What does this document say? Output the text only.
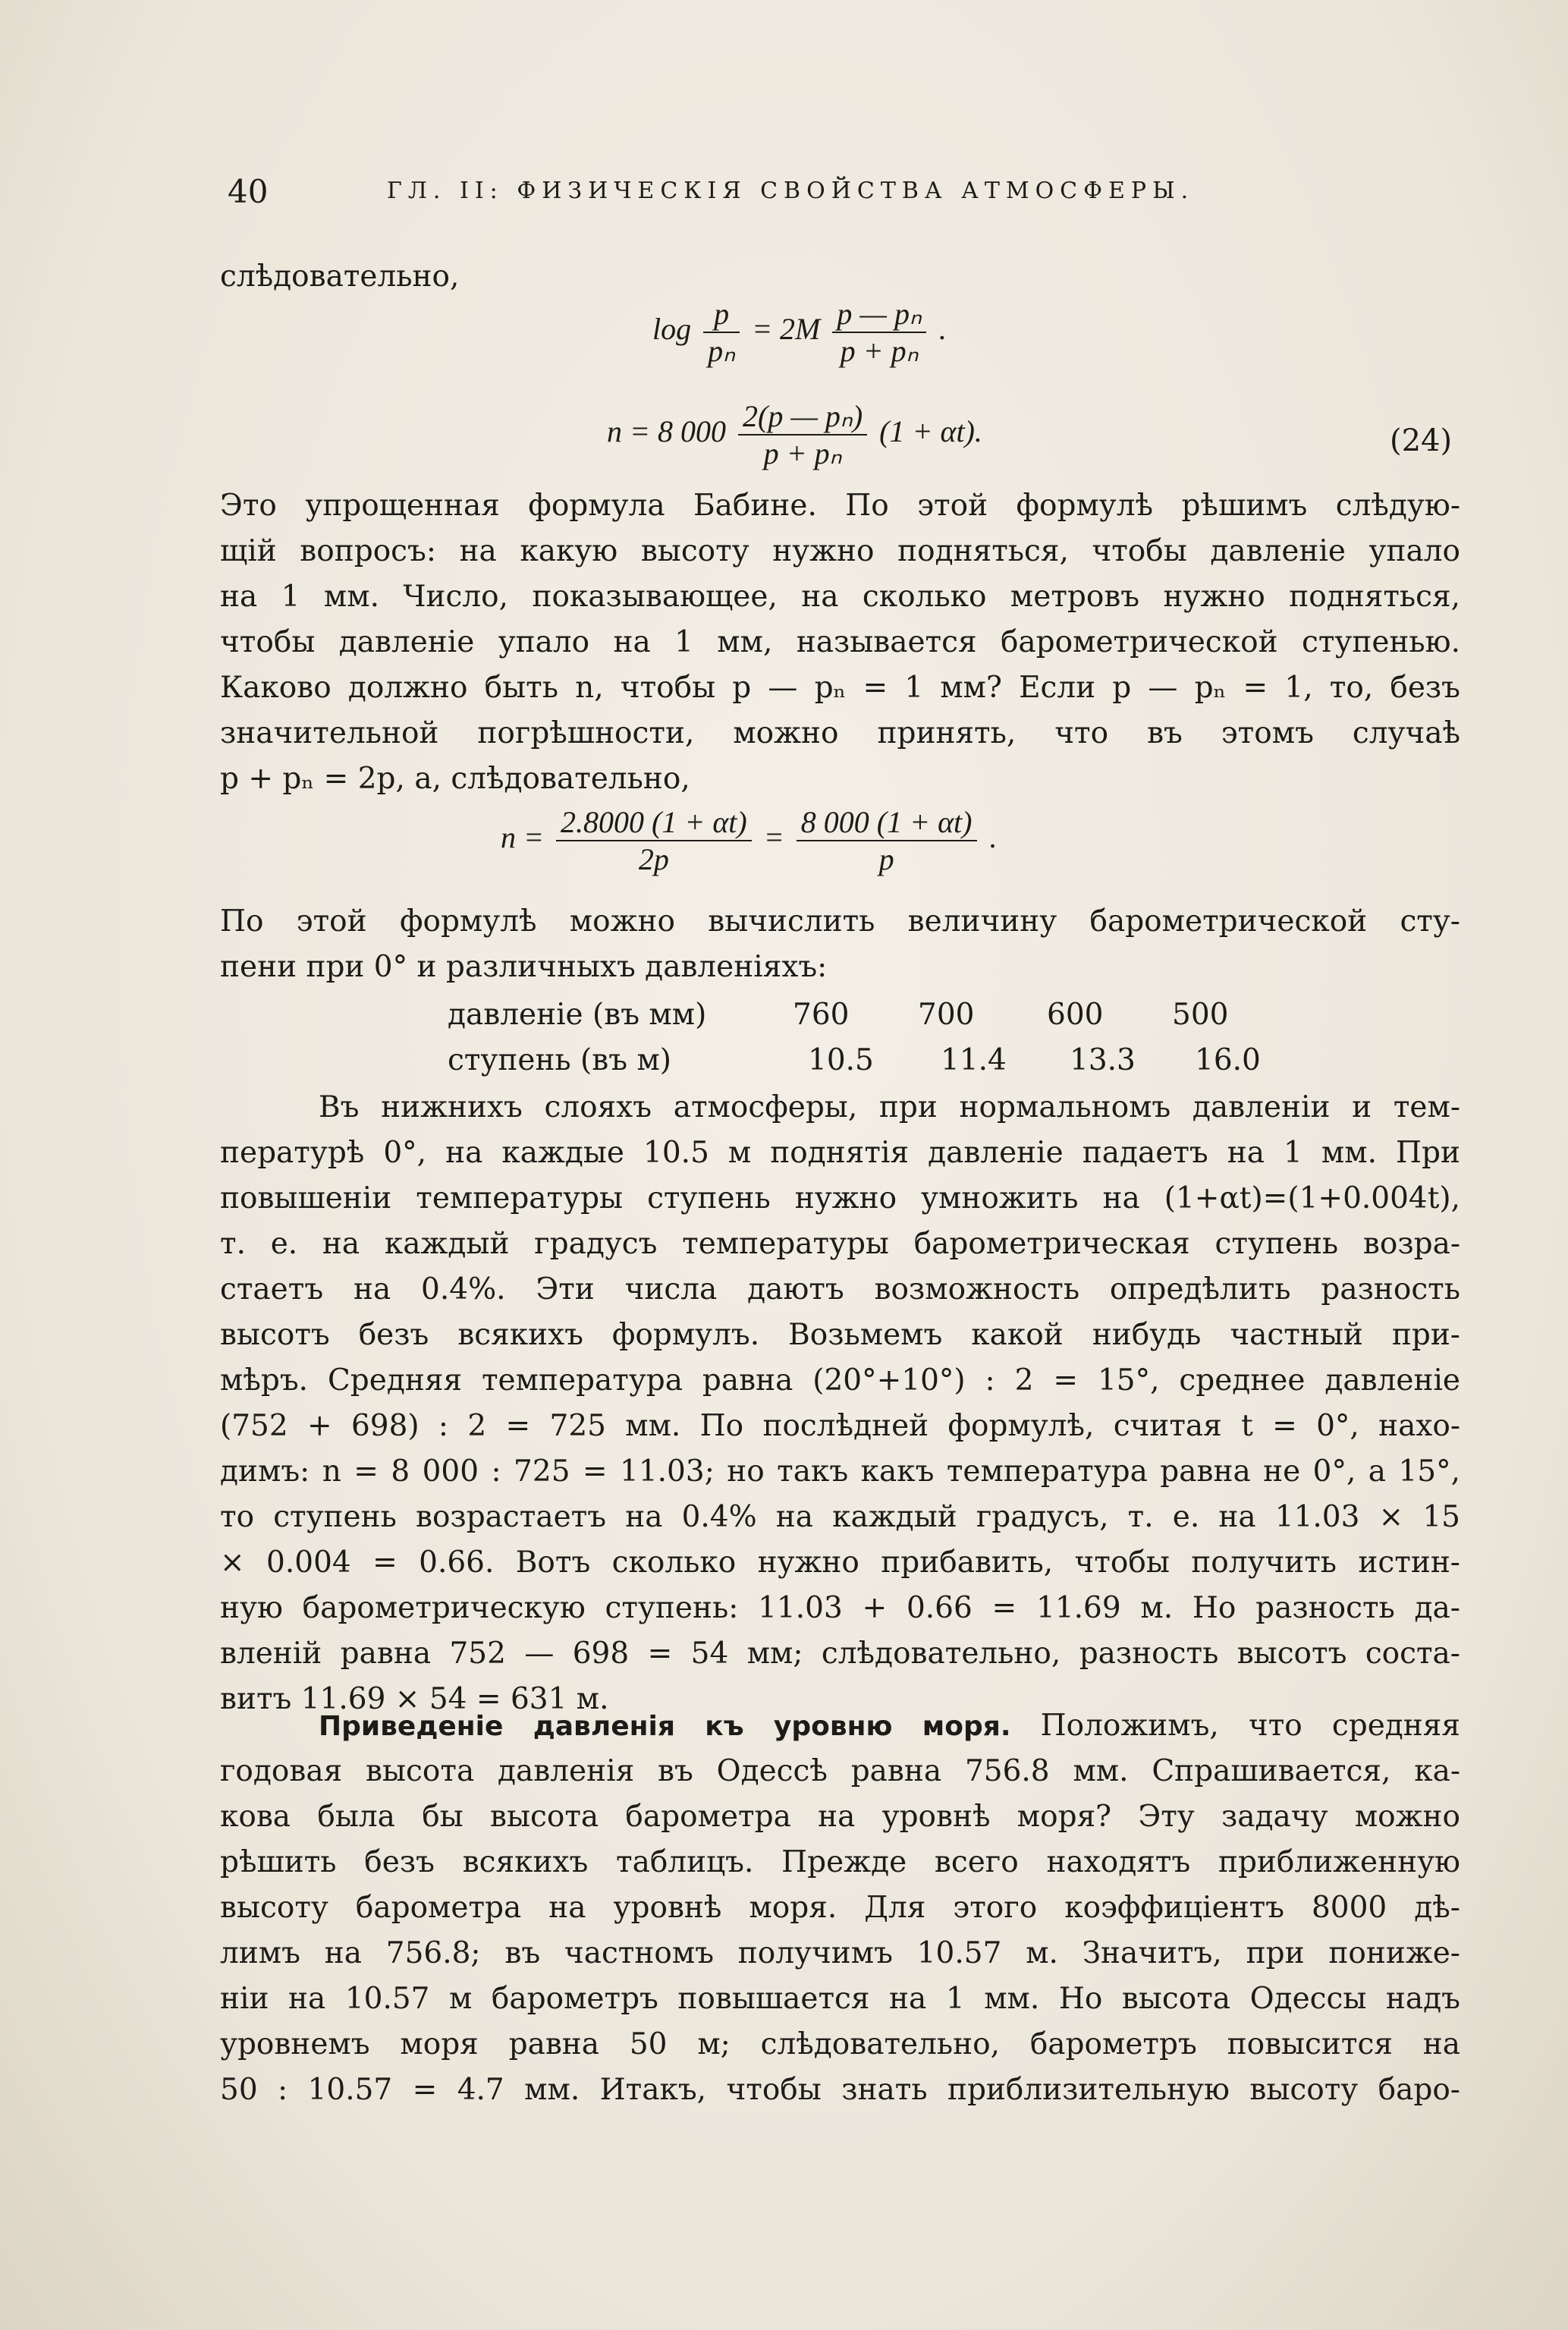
40	ГЛ. II: ФИЗИЧЕСКІЯ СВОЙСТВА АТМОСФЕРЫ.
слѣдовательно,
$\log \frac{p}{\text{pₙ}} = 2M \frac{\text{p — pₙ}}{\text{p + pₙ}}$ .
n = 8 $000 \frac{\text{2(p — pₙ)}}{\text{p + pₙ}} (1 + \alpha t)$.	(24)
Это упрощенная формула Бабине. По этой формулѣ рѣшимъ слѣдую-
щій вопросъ: на какую высоту нужно подняться, чтобы давленіе упало
на 1 мм. Число, показывающее, на сколько метровъ нужно подняться,
чтобы давленіе упало на 1 мм, называется барометрической ступенью.
Каково должно быть n, чтобы p — pₙ = 1 мм? Если p — pₙ = 1, то, безъ
значительной погрѣшности, можно принять, что въ этомъ случаѣ
p + pₙ = 2p, а, слѣдовательно,
$n = \frac{2.8000 (1 + \alpha t)}{2p} = \frac{8 000 (1 + \alpha t)}{p}$ .
По этой формулѣ можно вычислить величину барометрической сту-
пени при 0° и различныхъ давленіяхъ:
давленіе (въ мм)	760 700 600 500
ступень (въ м)	10.5 11.4 13.3 16.0
Въ нижнихъ слояхъ атмосферы, при нормальномъ давленіи и тем-
пературѣ 0°, на каждые 10.5 м поднятія давленіе падаетъ на 1 мм. При
повышеніи температуры ступень нужно умножить на (1+αt)=(1+0.004t),
т. е. на каждый градусъ температуры барометрическая ступень возра-
стаетъ на 0.4%. Эти числа даютъ возможность опредѣлить разность
высотъ безъ всякихъ формулъ. Возьмемъ какой нибудь частный при-
мѣръ. Средняя температура равна (20°+10°) : 2 = 15°, среднее давленіе
(752 + 698) : 2 = 725 мм. По послѣдней формулѣ, считая t = 0°, нахо-
димъ: n = 8 000 : 725 = 11.03; но такъ какъ температура равна не 0°, а 15°,
то ступень возрастаетъ на 0.4% на каждый градусъ, т. е. на 11.03 × 15
× 0.004 = 0.66. Вотъ сколько нужно прибавить, чтобы получить истин-
ную барометрическую ступень: 11.03 + 0.66 = 11.69 м. Но разность да-
вленій равна 752 — 698 = 54 мм; слѣдовательно, разность высотъ соста-
витъ 11.69 × 54 = 631 м.
Приведеніе давленія къ уровню моря. Положимъ, что средняя
годовая высота давленія въ Одессѣ равна 756.8 мм. Спрашивается, ка-
кова была бы высота барометра на уровнѣ моря? Эту задачу можно
рѣшить безъ всякихъ таблицъ. Прежде всего находятъ приближенную
высоту барометра на уровнѣ моря. Для этого коэффиціентъ 8000 дѣ-
лимъ на 756.8; въ частномъ получимъ 10.57 м. Значитъ, при пониже-
ніи на 10.57 м барометръ повышается на 1 мм. Но высота Одессы надъ
уровнемъ моря равна 50 м; слѣдовательно, барометръ повысится на
50 : 10.57 = 4.7 мм. Итакъ, чтобы знать приблизительную высоту баро-
